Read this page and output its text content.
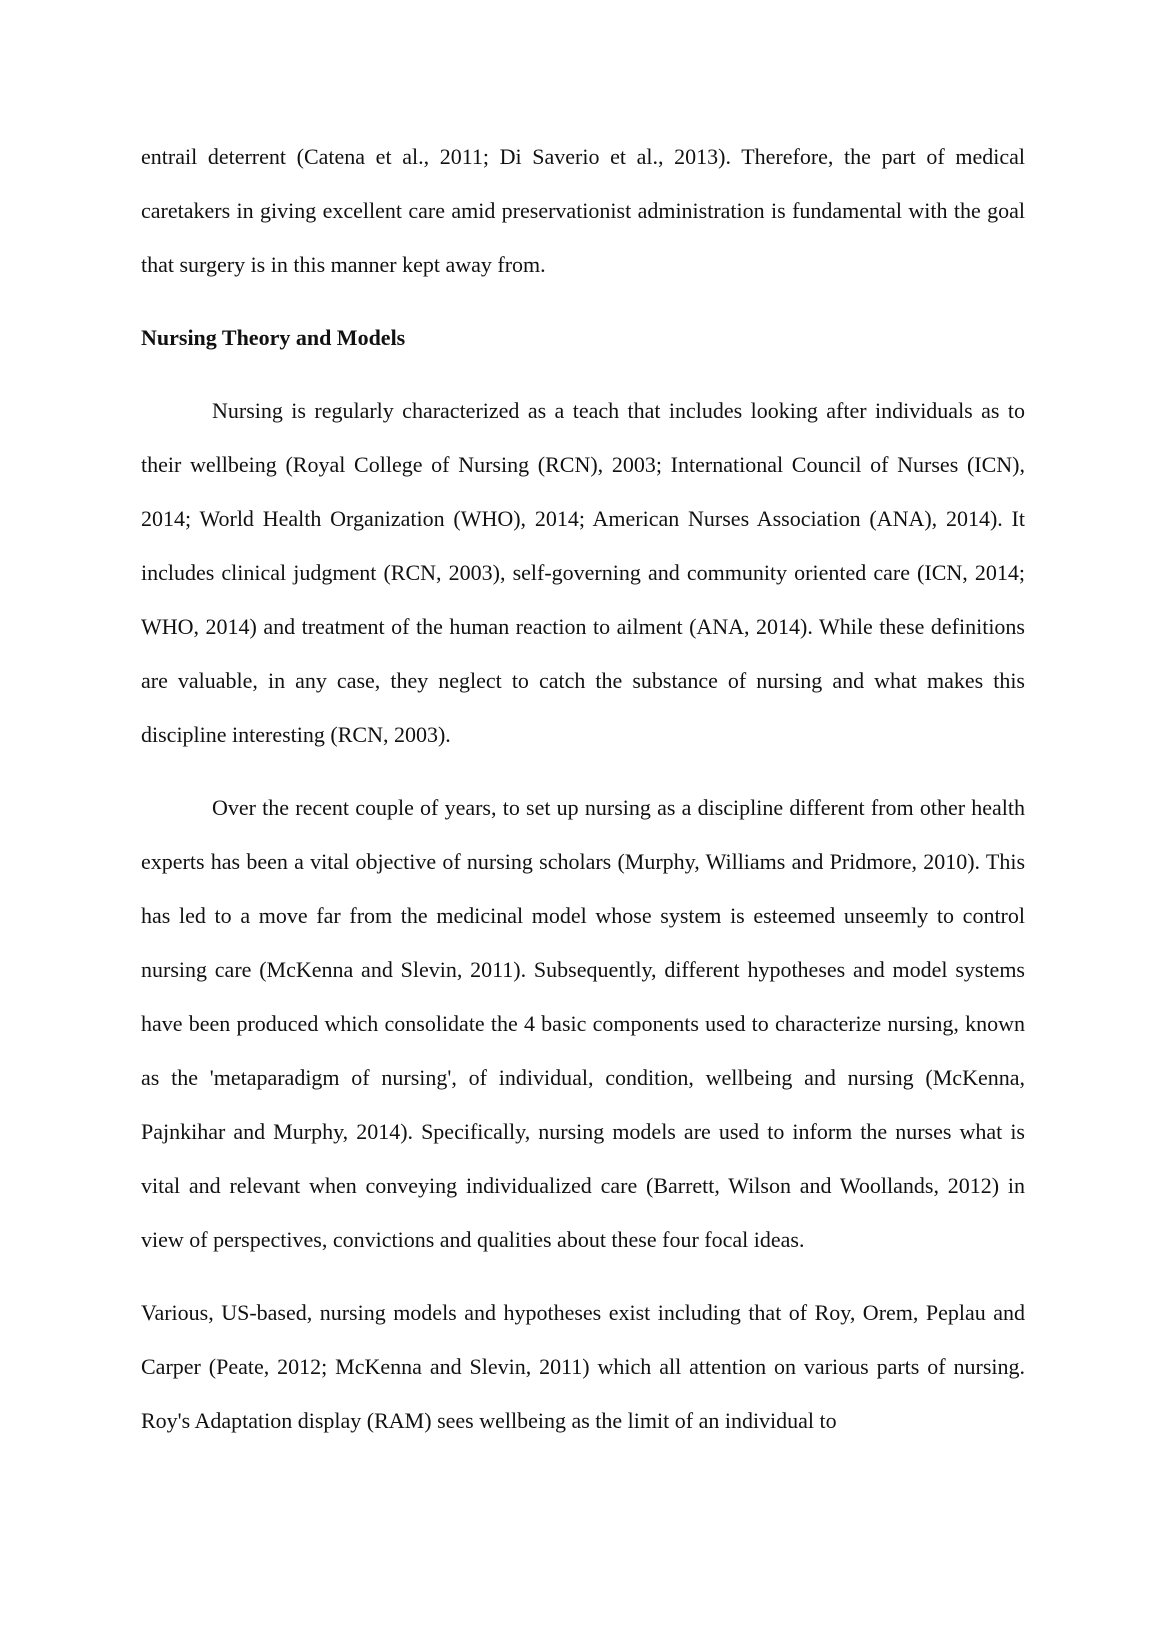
entrail deterrent (Catena et al., 2011; Di Saverio et al., 2013). Therefore, the part of medical caretakers in giving excellent care amid preservationist administration is fundamental with the goal that surgery is in this manner kept away from.

Nursing Theory and Models

Nursing is regularly characterized as a teach that includes looking after individuals as to their wellbeing (Royal College of Nursing (RCN), 2003; International Council of Nurses (ICN), 2014; World Health Organization (WHO), 2014; American Nurses Association (ANA), 2014). It includes clinical judgment (RCN, 2003), self-governing and community oriented care (ICN, 2014; WHO, 2014) and treatment of the human reaction to ailment (ANA, 2014). While these definitions are valuable, in any case, they neglect to catch the substance of nursing and what makes this discipline interesting (RCN, 2003).

Over the recent couple of years, to set up nursing as a discipline different from other health experts has been a vital objective of nursing scholars (Murphy, Williams and Pridmore, 2010). This has led to a move far from the medicinal model whose system is esteemed unseemly to control nursing care (McKenna and Slevin, 2011). Subsequently, different hypotheses and model systems have been produced which consolidate the 4 basic components used to characterize nursing, known as the 'metaparadigm of nursing', of individual, condition, wellbeing and nursing (McKenna, Pajnkihar and Murphy, 2014). Specifically, nursing models are used to inform the nurses what is vital and relevant when conveying individualized care (Barrett, Wilson and Woollands, 2012) in view of perspectives, convictions and qualities about these four focal ideas.

Various, US-based, nursing models and hypotheses exist including that of Roy, Orem, Peplau and Carper (Peate, 2012; McKenna and Slevin, 2011) which all attention on various parts of nursing. Roy's Adaptation display (RAM) sees wellbeing as the limit of an individual to
